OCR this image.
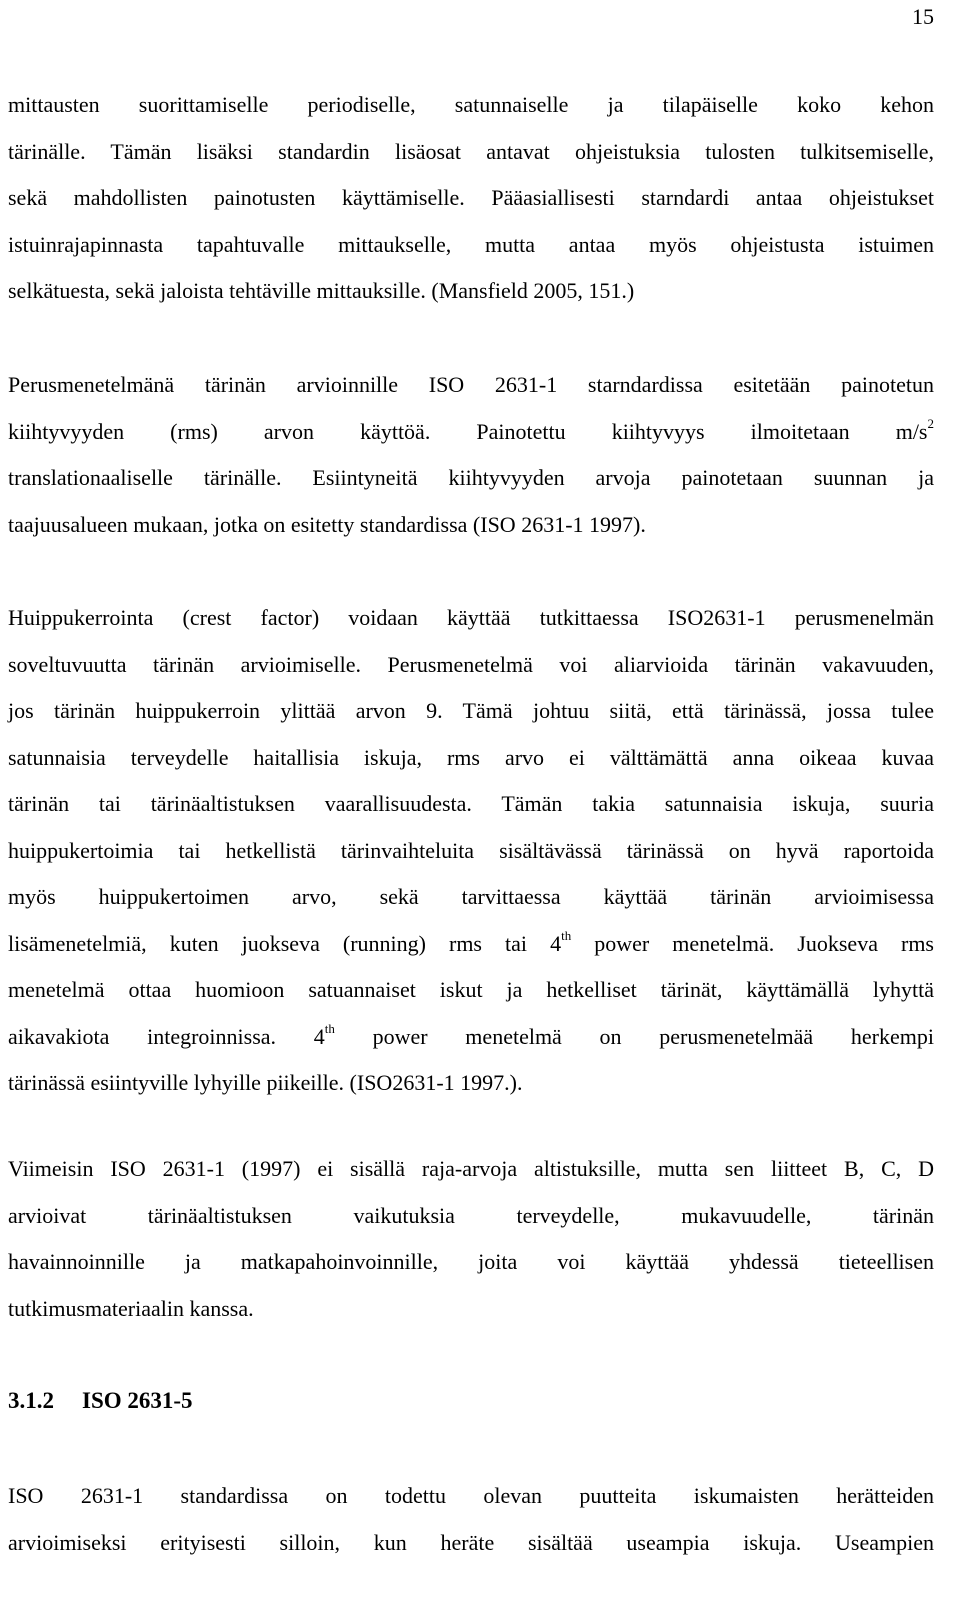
15
mittausten suorittamiselle periodiselle, satunnaiselle ja tilapäiselle koko kehon
tärinälle. Tämän lisäksi standardin lisäosat antavat ohjeistuksia tulosten tulkitsemiselle,
sekä mahdollisten painotusten käyttämiselle. Pääasiallisesti starndardi antaa ohjeistukset
istuinrajapinnasta tapahtuvalle mittaukselle, mutta antaa myös ohjeistusta istuimen
selkätuesta, sekä jaloista tehtäville mittauksille. (Mansfield 2005, 151.)
Perusmenetelmänä tärinän arvioinnille ISO 2631-1 starndardissa esitetään painotetun
kiihtyvyyden (rms) arvon käyttöä. Painotettu kiihtyvyys ilmoitetaan $m/s^2$
translationaaliselle tärinälle. Esiintyneitä kiihtyvyyden arvoja painotetaan suunnan ja
taajuusalueen mukaan, jotka on esitetty standardissa (ISO 2631-1 1997).
Huippukerrointa (crest factor) voidaan käyttää tutkittaessa ISO2631-1 perusmenelmän
soveltuvuutta tärinän arvioimiselle. Perusmenetelmä voi aliarvioida tärinän vakavuuden,
jos tärinän huippukerroin ylittää arvon 9. Tämä johtuu siitä, että tärinässä, jossa tulee
satunnaisia terveydelle haitallisia iskuja, rms arvo ei välttämättä anna oikeaa kuvaa
tärinän tai tärinäaltistuksen vaarallisuudesta. Tämän takia satunnaisia iskuja, suuria
huippukertoimia tai hetkellistä tärinvaihteluita sisältävässä tärinässä on hyvä raportoida
myös huippukertoimen arvo, sekä tarvittaessa käyttää tärinän arvioimisessa
lisämenetelmiä, kuten juokseva (running) rms tai 4th power menetelmä. Juokseva rms
menetelmä ottaa huomioon satuannaiset iskut ja hetkelliset tärinät, käyttämällä lyhyttä
aikavakiota integroinnissa. 4th power menetelmä on perusmenetelmää herkempi
tärinässä esiintyville lyhyille piikeille. (ISO2631-1 1997.).
Viimeisin ISO 2631-1 (1997) ei sisällä raja-arvoja altistuksille, mutta sen liitteet B, C, D
arvioivat tärinäaltistuksen vaikutuksia terveydelle, mukavuudelle, tärinän
havainnoinnille ja matkapahoinvoinnille, joita voi käyttää yhdessä tieteellisen
tutkimusmateriaalin kanssa.
3.1.2 ISO 2631-5
ISO 2631-1 standardissa on todettu olevan puutteita iskumaisten herätteiden
arvioimiseksi erityisesti silloin, kun heräte sisältää useampia iskuja. Useampien
